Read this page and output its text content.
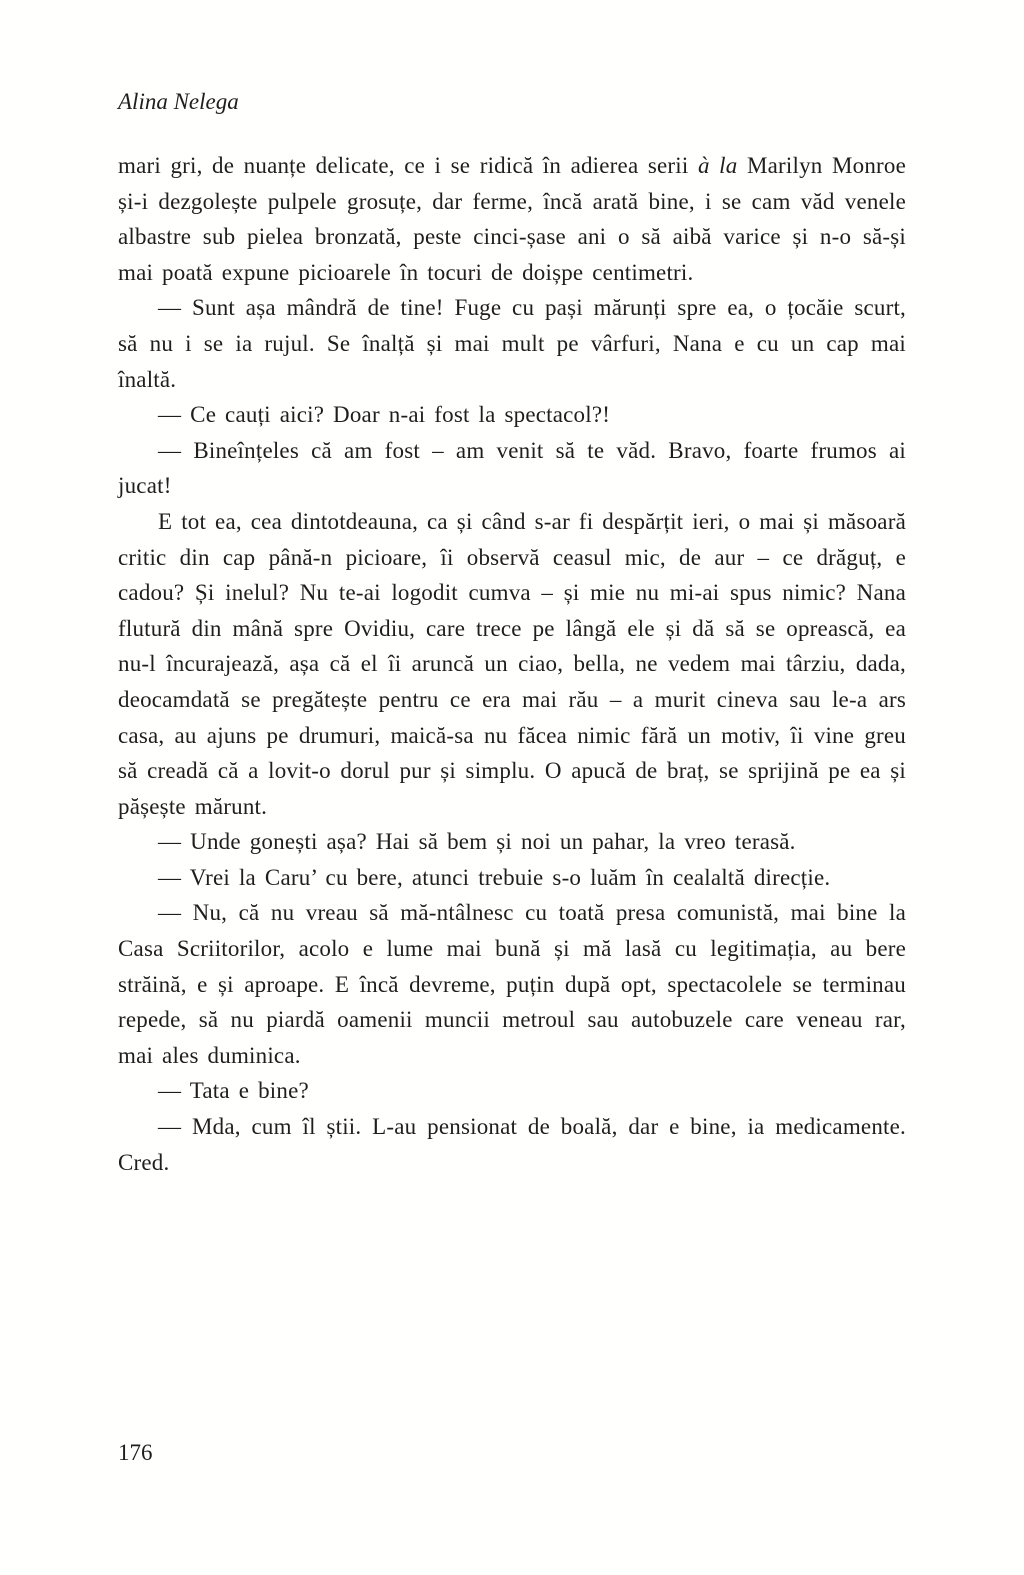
Alina Nelega

mari gri, de nuanțe delicate, ce i se ridică în adierea serii à la Marilyn Monroe și-i dezgolește pulpele grosuțe, dar ferme, încă arată bine, i se cam văd venele albastre sub pielea bronzată, peste cinci-șase ani o să aibă varice și n-o să-și mai poată expune picioarele în tocuri de doișpe centimetri.

— Sunt așa mândră de tine! Fuge cu pași mărunți spre ea, o țocăie scurt, să nu i se ia rujul. Se înalță și mai mult pe vârfuri, Nana e cu un cap mai înaltă.

— Ce cauți aici? Doar n-ai fost la spectacol?!

— Bineînțeles că am fost – am venit să te văd. Bravo, foarte frumos ai jucat!

E tot ea, cea dintotdeauna, ca și când s-ar fi despărțit ieri, o mai și măsoară critic din cap până-n picioare, îi observă ceasul mic, de aur – ce drăguț, e cadou? Și inelul? Nu te-ai logodit cumva – și mie nu mi-ai spus nimic? Nana flutură din mână spre Ovidiu, care trece pe lângă ele și dă să se oprească, ea nu-l încurajează, așa că el îi aruncă un ciao, bella, ne vedem mai târziu, dada, deocamdată se pregătește pentru ce era mai rău – a murit cineva sau le-a ars casa, au ajuns pe drumuri, maică-sa nu făcea nimic fără un motiv, îi vine greu să creadă că a lovit-o dorul pur și simplu. O apucă de braț, se sprijină pe ea și pășește mărunt.

— Unde gonești așa? Hai să bem și noi un pahar, la vreo terasă.

— Vrei la Caru’ cu bere, atunci trebuie s-o luăm în cealaltă direcție.

— Nu, că nu vreau să mă-ntâlnesc cu toată presa comunistă, mai bine la Casa Scriitorilor, acolo e lume mai bună și mă lasă cu legitimația, au bere străină, e și aproape. E încă devreme, puțin după opt, spectacolele se terminau repede, să nu piardă oamenii muncii metroul sau autobuzele care veneau rar, mai ales duminica.

— Tata e bine?

— Mda, cum îl știi. L-au pensionat de boală, dar e bine, ia medicamente. Cred.

176
